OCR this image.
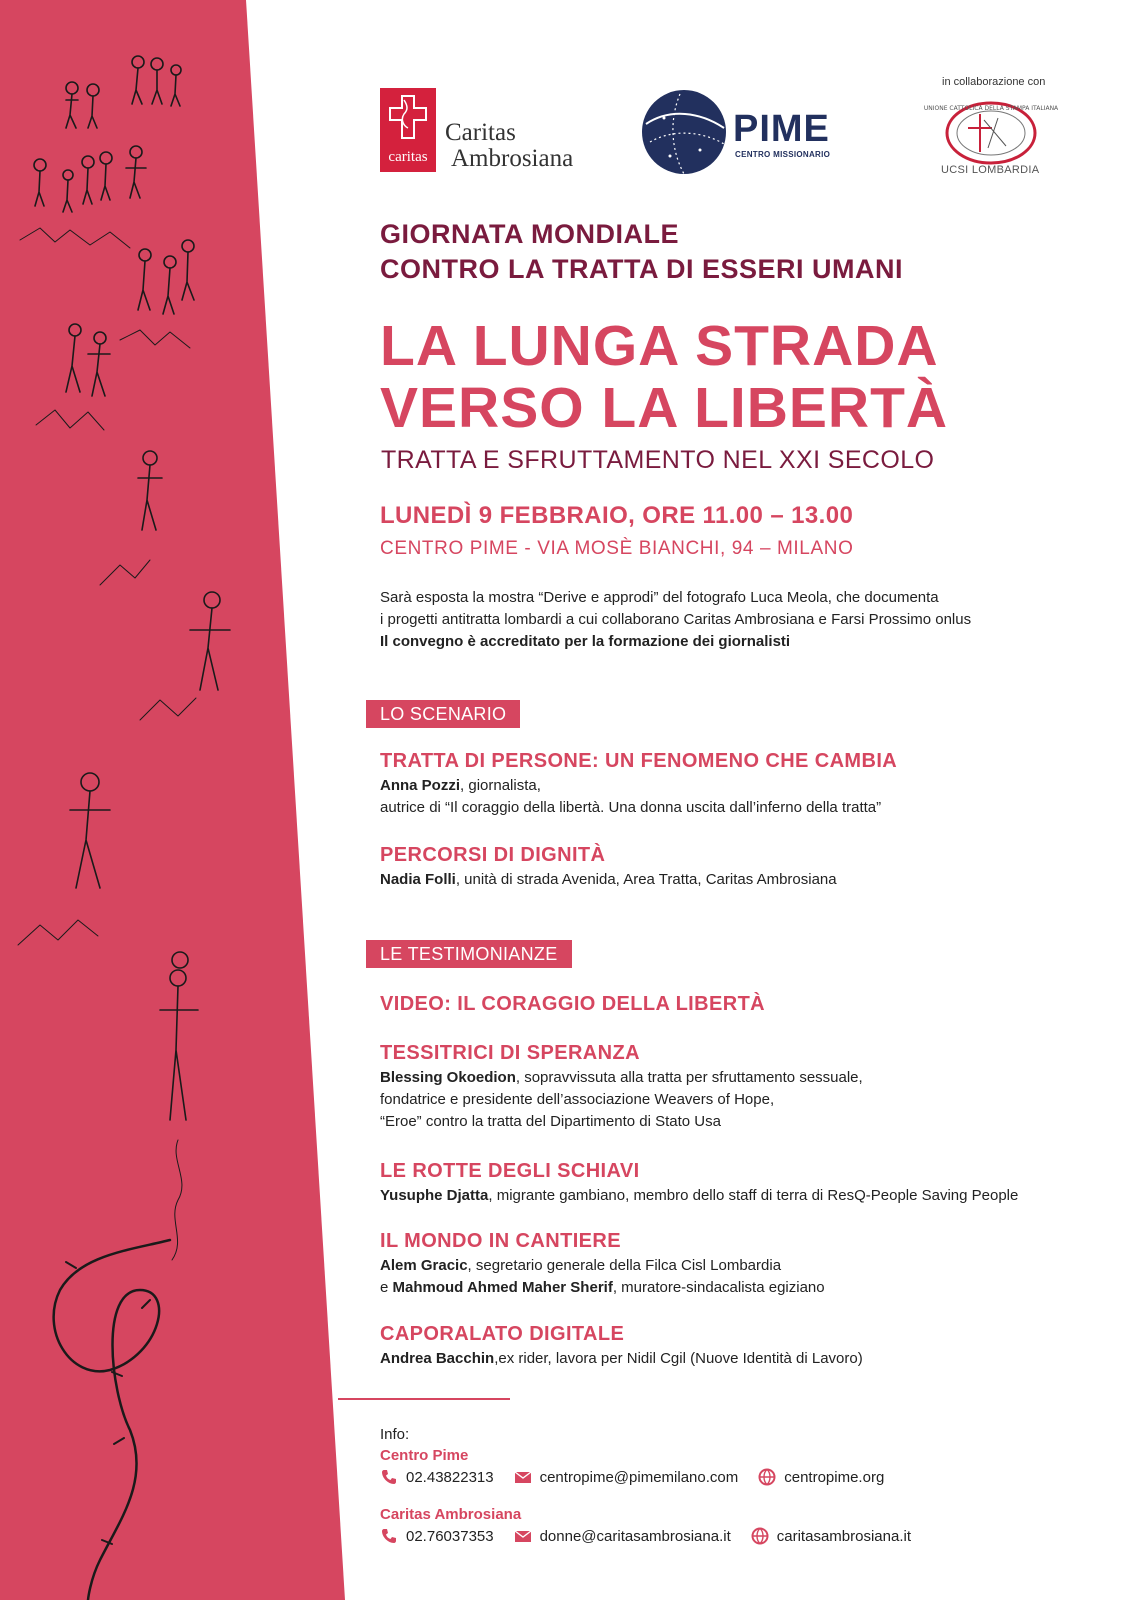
caritas
Caritas
Ambrosiana
PIME
CENTRO MISSIONARIO
in collaborazione con
UNIONE CATTOLICA DELLA STAMPA ITALIANA
UCSI LOMBARDIA
GIORNATA MONDIALE
CONTRO LA TRATTA DI ESSERI UMANI
LA LUNGA STRADA
VERSO LA LIBERTÀ
TRATTA E SFRUTTAMENTO NEL XXI SECOLO
LUNEDÌ 9 FEBBRAIO, ORE 11.00 – 13.00
CENTRO PIME - VIA MOSÈ BIANCHI, 94 – MILANO
Sarà esposta la mostra “Derive e approdi” del fotografo Luca Meola, che documenta
i progetti antitratta lombardi a cui collaborano Caritas Ambrosiana e Farsi Prossimo onlus
Il convegno è accreditato per la formazione dei giornalisti
LO SCENARIO
TRATTA DI PERSONE: UN FENOMENO CHE CAMBIA
Anna Pozzi, giornalista,
autrice di “Il coraggio della libertà. Una donna uscita dall’inferno della tratta”
PERCORSI DI DIGNITÀ
Nadia Folli, unità di strada Avenida, Area Tratta, Caritas Ambrosiana
LE TESTIMONIANZE
VIDEO: IL CORAGGIO DELLA LIBERTÀ
TESSITRICI DI SPERANZA
Blessing Okoedion, sopravvissuta alla tratta per sfruttamento sessuale,
fondatrice e presidente dell’associazione Weavers of Hope,
“Eroe” contro la tratta del Dipartimento di Stato Usa
LE ROTTE DEGLI SCHIAVI
Yusuphe Djatta, migrante gambiano, membro dello staff di terra di ResQ-People Saving People
IL MONDO IN CANTIERE
Alem Gracic, segretario generale della Filca Cisl Lombardia
e Mahmoud Ahmed Maher Sherif, muratore-sindacalista egiziano
CAPORALATO DIGITALE
Andrea Bacchin,ex rider, lavora per Nidil Cgil (Nuove Identità di Lavoro)
Info:
Centro Pime
02.43822313	centropime@pimemilano.com	centropime.org
Caritas Ambrosiana
02.76037353	donne@caritasambrosiana.it	caritasambrosiana.it
